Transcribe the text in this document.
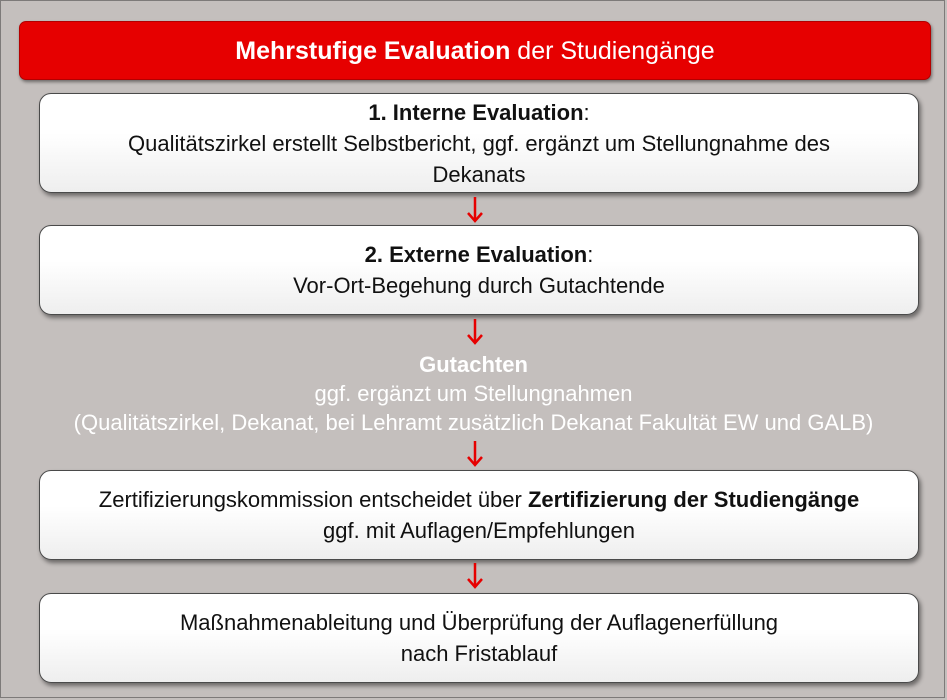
Mehrstufige Evaluation der Studiengänge
1. Interne Evaluation:
Qualitätszirkel erstellt Selbstbericht, ggf. ergänzt um Stellungnahme des
Dekanats
2. Externe Evaluation:
Vor-Ort-Begehung durch Gutachtende
Gutachten
ggf. ergänzt um Stellungnahmen
(Qualitätszirkel, Dekanat, bei Lehramt zusätzlich Dekanat Fakultät EW und GALB)
Zertifizierungskommission entscheidet über Zertifizierung der Studiengänge
ggf. mit Auflagen/Empfehlungen
Maßnahmenableitung und Überprüfung der Auflagenerfüllung
nach Fristablauf
